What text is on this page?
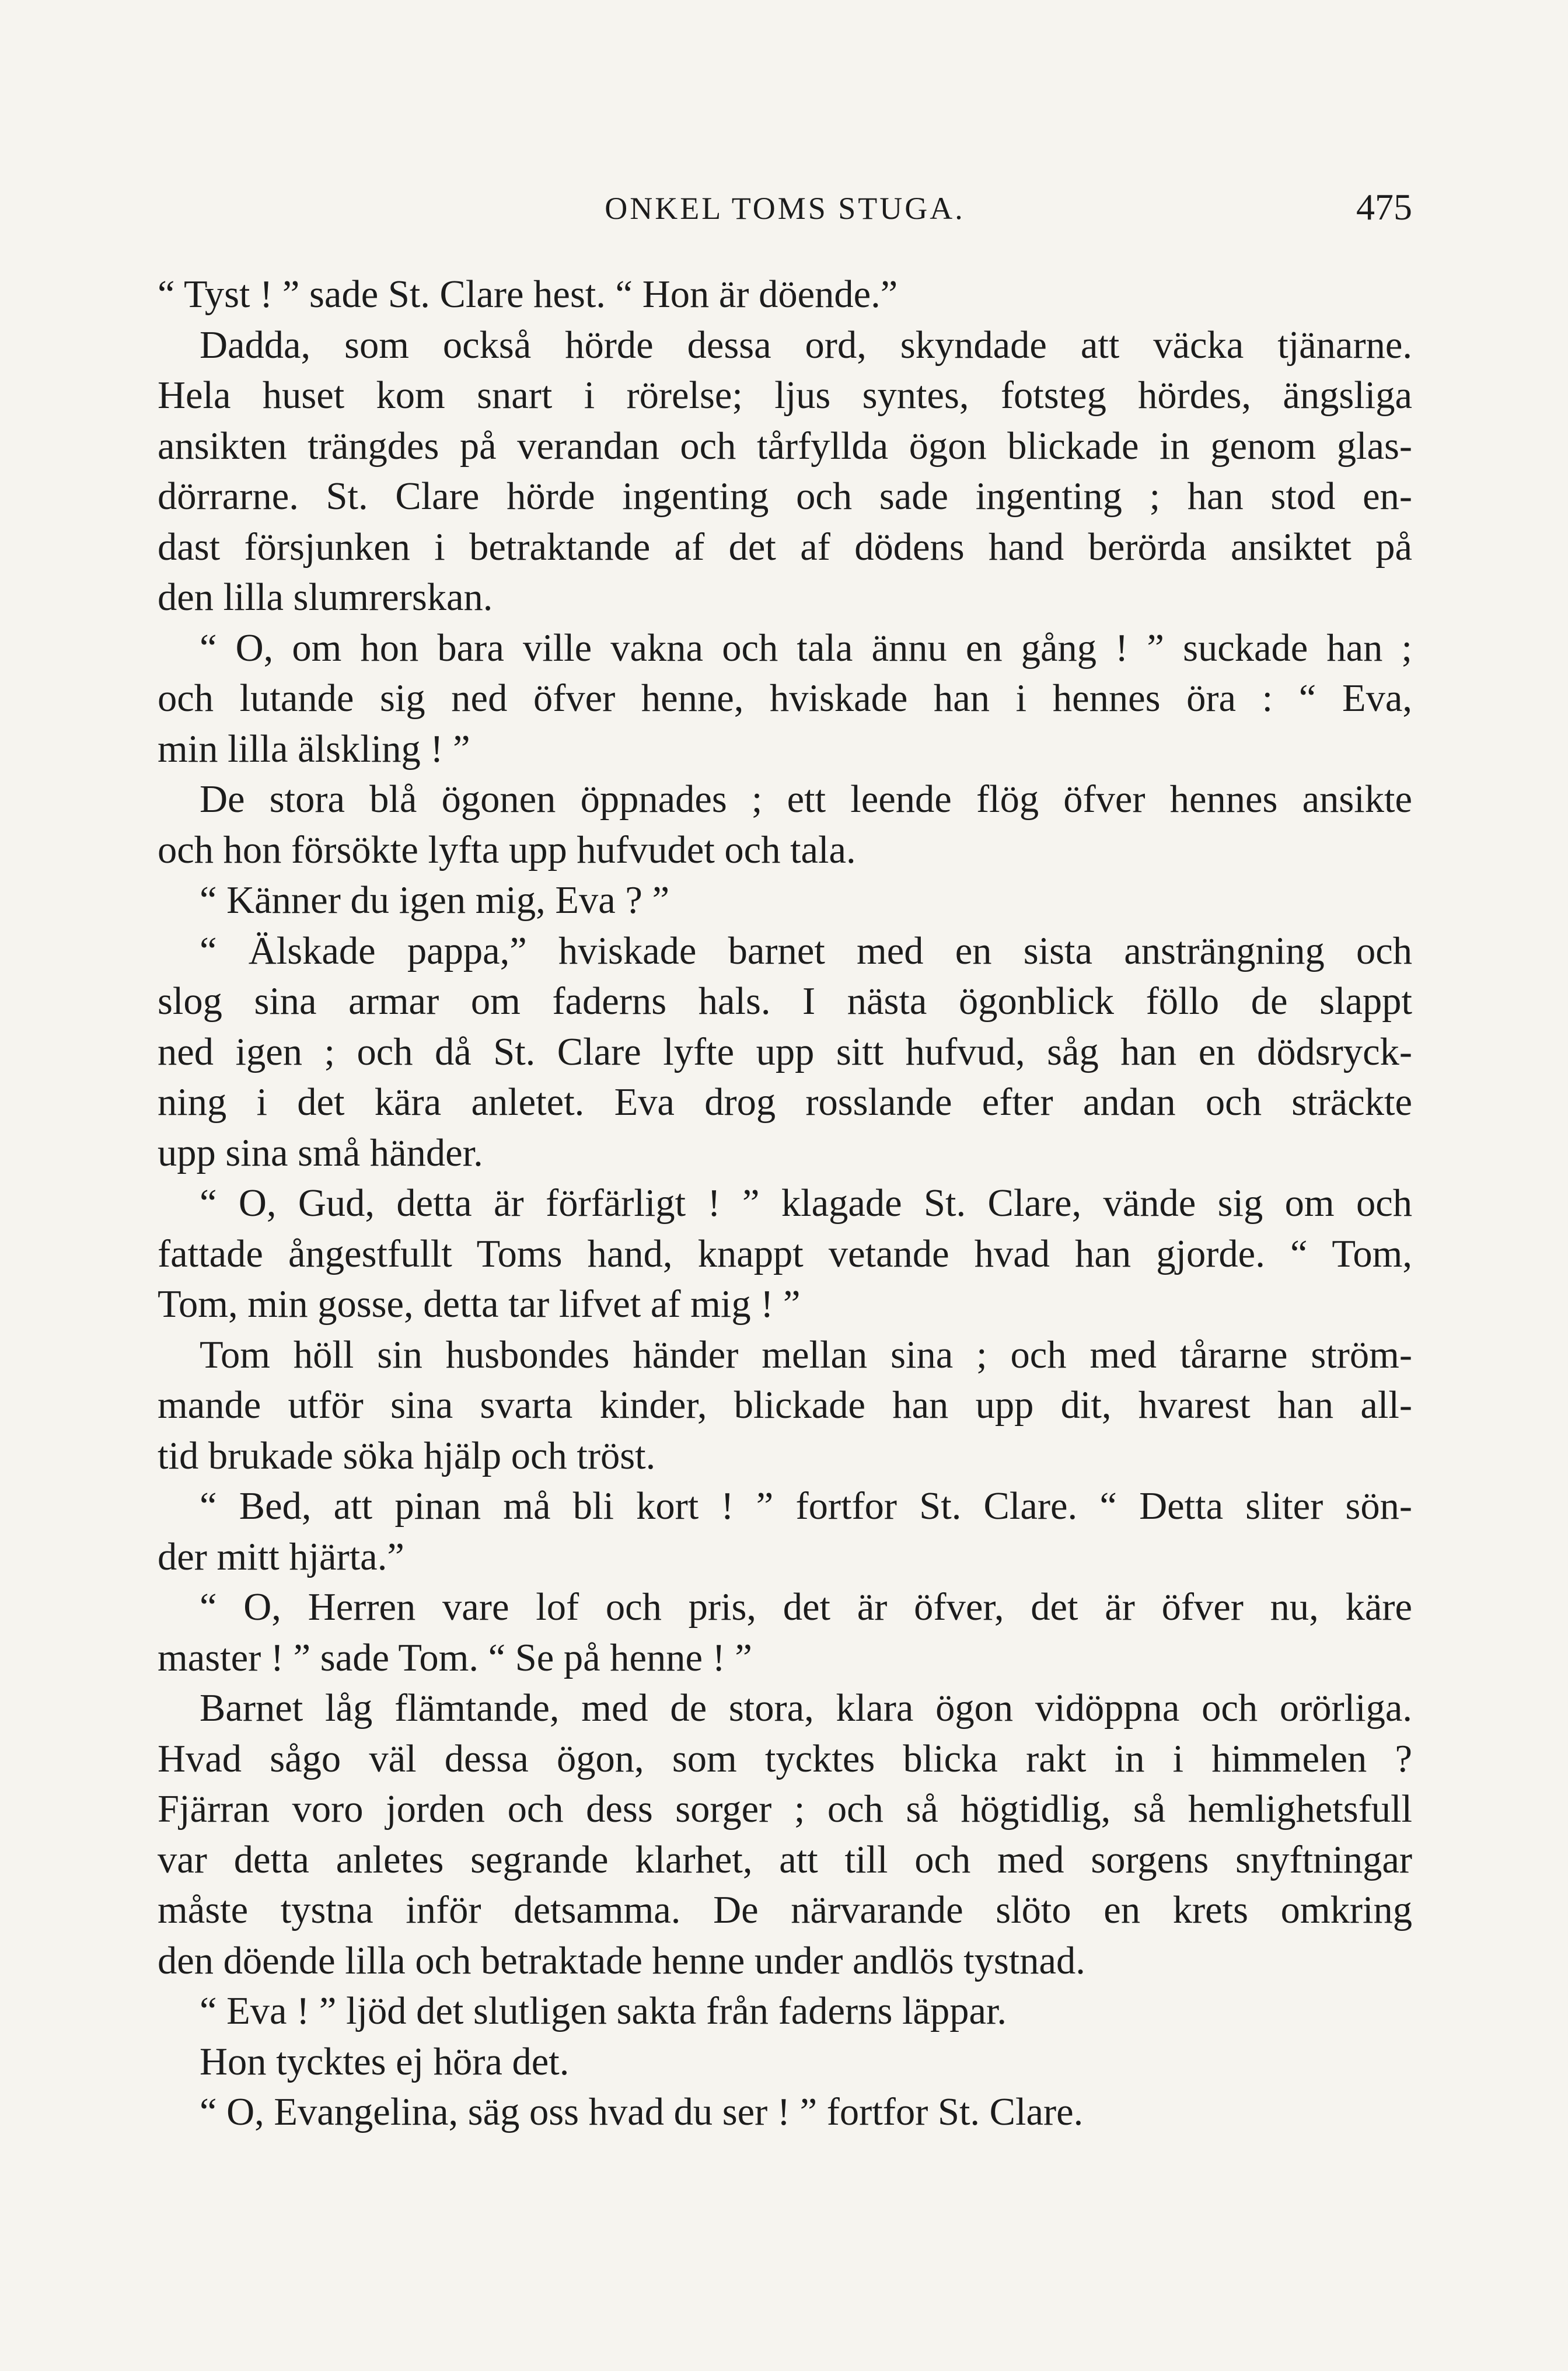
ONKEL TOMS STUGA.	475
“ Tyst ! ” sade St. Clare hest. “ Hon är döende.”
Dadda, som också hörde dessa ord, skyndade att väcka tjänarne.
Hela huset kom snart i rörelse; ljus syntes, fotsteg hördes, ängsliga
ansikten trängdes på verandan och tårfyllda ögon blickade in genom glas-
dörrarne. St. Clare hörde ingenting och sade ingenting ; han stod en-
dast försjunken i betraktande af det af dödens hand berörda ansiktet på
den lilla slumrerskan.
“ O, om hon bara ville vakna och tala ännu en gång ! ” suckade han ;
och lutande sig ned öfver henne, hviskade han i hennes öra : “ Eva,
min lilla älskling ! ”
De stora blå ögonen öppnades ; ett leende flög öfver hennes ansikte
och hon försökte lyfta upp hufvudet och tala.
“ Känner du igen mig, Eva ? ”
“ Älskade pappa,” hviskade barnet med en sista ansträngning och
slog sina armar om faderns hals. I nästa ögonblick föllo de slappt
ned igen ; och då St. Clare lyfte upp sitt hufvud, såg han en dödsryck-
ning i det kära anletet. Eva drog rosslande efter andan och sträckte
upp sina små händer.
“ O, Gud, detta är förfärligt ! ” klagade St. Clare, vände sig om och
fattade ångestfullt Toms hand, knappt vetande hvad han gjorde. “ Tom,
Tom, min gosse, detta tar lifvet af mig ! ”
Tom höll sin husbondes händer mellan sina ; och med tårarne ström-
mande utför sina svarta kinder, blickade han upp dit, hvarest han all-
tid brukade söka hjälp och tröst.
“ Bed, att pinan må bli kort ! ” fortfor St. Clare. “ Detta sliter sön-
der mitt hjärta.”
“ O, Herren vare lof och pris, det är öfver, det är öfver nu, käre
master ! ” sade Tom. “ Se på henne ! ”
Barnet låg flämtande, med de stora, klara ögon vidöppna och orörliga.
Hvad sågo väl dessa ögon, som tycktes blicka rakt in i himmelen ?
Fjärran voro jorden och dess sorger ; och så högtidlig, så hemlighetsfull
var detta anletes segrande klarhet, att till och med sorgens snyftningar
måste tystna inför detsamma. De närvarande slöto en krets omkring
den döende lilla och betraktade henne under andlös tystnad.
“ Eva ! ” ljöd det slutligen sakta från faderns läppar.
Hon tycktes ej höra det.
“ O, Evangelina, säg oss hvad du ser ! ” fortfor St. Clare.
